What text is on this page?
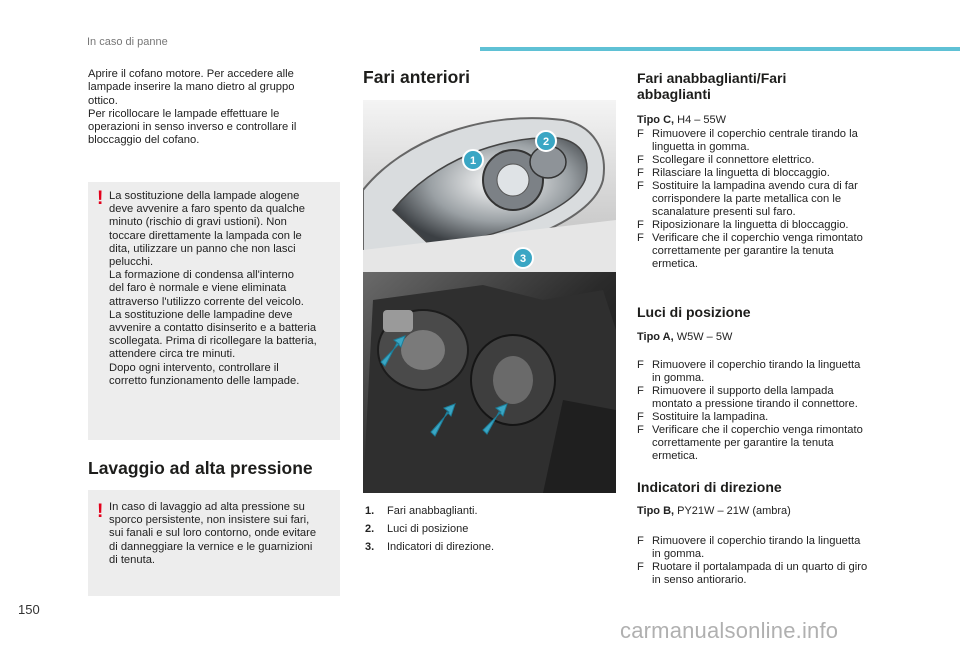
In caso di panne

Aprire il cofano motore. Per accedere alle

lampade inserire la mano dietro al gruppo

ottico.

Per ricollocare le lampade effettuare le

operazioni in senso inverso e controllare il

bloccaggio del cofano.

! La sostituzione della lampade alogene
deve avvenire a faro spento da qualche
minuto (rischio di gravi ustioni). Non
toccare direttamente la lampada con le
dita, utilizzare un panno che non lasci
pelucchi.
La formazione di condensa all'interno
del faro è normale e viene eliminata
attraverso l'utilizzo corrente del veicolo.
La sostituzione delle lampadine deve
avvenire a contatto disinserito e a batteria
scollegata. Prima di ricollegare la batteria,
attendere circa tre minuti.
Dopo ogni intervento, controllare il
corretto funzionamento delle lampade.
! In caso di lavaggio ad alta pressione su
sporco persistente, non insistere sui fari,
sui fanali e sul loro contorno, onde evitare
di danneggiare la vernice e le guarnizioni
di tenuta.
Lavaggio ad alta pressione
Fari anteriori
1
2
3
1. Fari anabbaglianti.
2. Luci di posizione
3. Indicatori di direzione.
Fari anabbaglianti/Fari
abbaglianti
Tipo C, H4 – 55W
F Rimuovere il coperchio centrale tirando la
linguetta in gomma.
F Scollegare il connettore elettrico.
F Rilasciare la linguetta di bloccaggio.
F Sostituire la lampadina avendo cura di far
corrispondere la parte metallica con le
scanalature presenti sul faro.
F Riposizionare la linguetta di bloccaggio.
F Verificare che il coperchio venga rimontato
correttamente per garantire la tenuta
ermetica.
Luci di posizione
Tipo A, W5W – 5W
F Rimuovere il coperchio tirando la linguetta
in gomma.
F Rimuovere il supporto della lampada
montato a pressione tirando il connettore.
F Sostituire la lampadina.
F Verificare che il coperchio venga rimontato
correttamente per garantire la tenuta
ermetica.
Indicatori di direzione
Tipo B, PY21W – 21W (ambra)
F Rimuovere il coperchio tirando la linguetta
in gomma.
F Ruotare il portalampada di un quarto di giro
in senso antiorario.
150
carmanualsonline.info
